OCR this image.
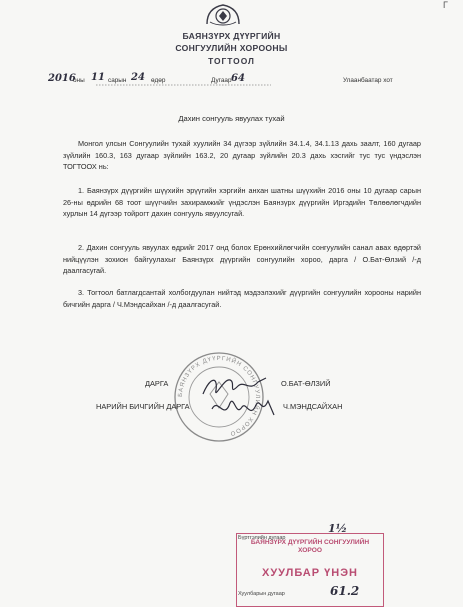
БАЯНЗҮРХ ДҮҮРГИЙН
СОНГУУЛИЙН ХОРООНЫ
ТОГТООЛ
2016
оны 11 сарын 24 өдөр	Дугаар 64	Улаанбаатар хот
Г
Дахин сонгууль явуулах тухай

Монгол улсын Сонгуулийн тухай хуулийн 34 дүгээр зүйлийн 34.1.4, 34.1.13 дахь заалт, 160 дугаар зүйлийн 160.3, 163 дугаар зүйлийн 163.2, 20 дугаар зүйлийн 20.3 дахь хэсгийг тус тус үндэслэн ТОГТООХ нь:

1. Баянзүрх дүүргийн шүүхийн эрүүгийн хэргийн анхан шатны шүүхийн 2016 оны 10 дугаар сарын 26-ны өдрийн 68 тоот шүүгчийн захирамжийг үндэслэн Баянзүрх дүүргийн Иргэдийн Төлөөлөгчдийн хурлын 14 дүгээр тойрогт дахин сонгууль явуулсугай.

2. Дахин сонгууль явуулах өдрийг 2017 онд болох Ерөнхийлөгчийн сонгуулийн санал авах өдөртэй нийцүүлэн зохион байгуулахыг Баянзүрх дүүргийн сонгуулийн хороо, дарга / О.Бат-Өлзий /-д даалгасугай.

3. Тогтоол батлагдсантай холбогдуулан нийтэд мэдээлэхийг дүүргийн сонгуулийн хорооны нарийн бичгийн дарга / Ч.Мэндсайхан /-д даалгасугай.

БАЯНЗҮРХ ДҮҮРГИЙН СОНГУУЛИЙН ХОРОО
ДАРГА	О.БАТ-ӨЛЗИЙ
НАРИЙН БИЧГИЙН ДАРГА	Ч.МЭНДСАЙХАН
1½
БАЯНЗҮРХ ДҮҮРГИЙН СОНГУУЛИЙН
ХОРОО
ХУУЛБАР ҮНЭН
Бүртгэлийн дугаар
Хуулбарын дугаар	61.2
